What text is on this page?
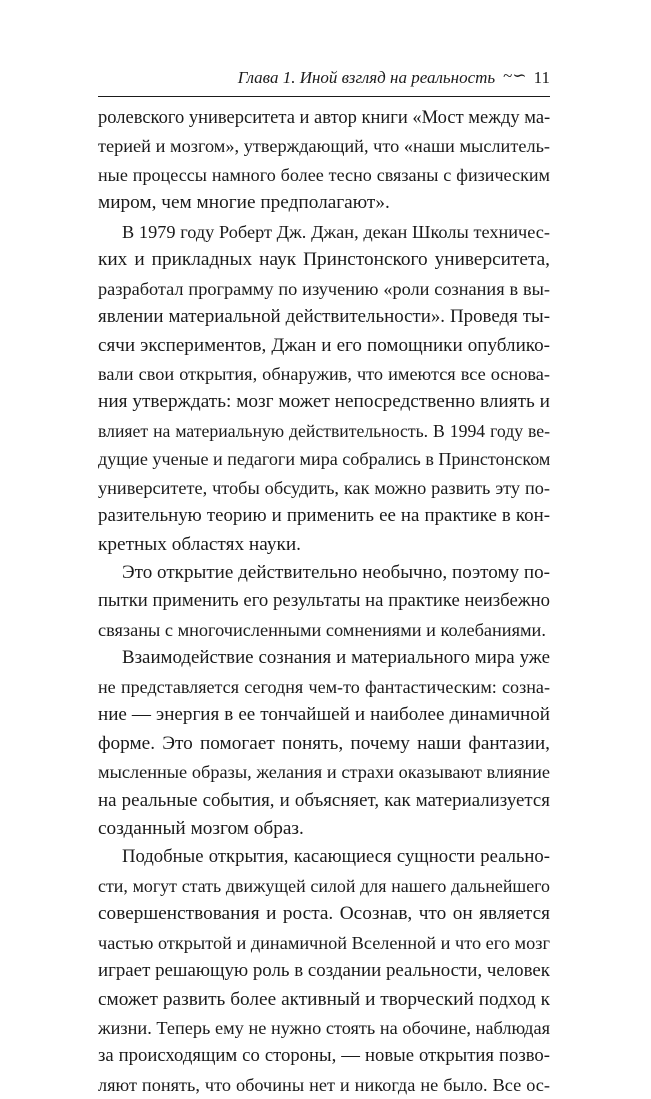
Глава 1. Иной взгляд на реальность ~∽ 11
ролевского университета и автор книги «Мост между ма-
терией и мозгом», утверждающий, что «наши мыслитель-
ные процессы намного более тесно связаны с физическим
миром, чем многие предполагают».
В 1979 году Роберт Дж. Джан, декан Школы техничес-
ких и прикладных наук Принстонского университета,
разработал программу по изучению «роли сознания в вы-
явлении материальной действительности». Проведя ты-
сячи экспериментов, Джан и его помощники опублико-
вали свои открытия, обнаружив, что имеются все основа-
ния утверждать: мозг может непосредственно влиять и
влияет на материальную действительность. В 1994 году ве-
дущие ученые и педагоги мира собрались в Принстонском
университете, чтобы обсудить, как можно развить эту по-
разительную теорию и применить ее на практике в кон-
кретных областях науки.
Это открытие действительно необычно, поэтому по-
пытки применить его результаты на практике неизбежно
связаны с многочисленными сомнениями и колебаниями.
Взаимодействие сознания и материального мира уже
не представляется сегодня чем-то фантастическим: созна-
ние — энергия в ее тончайшей и наиболее динамичной
форме. Это помогает понять, почему наши фантазии,
мысленные образы, желания и страхи оказывают влияние
на реальные события, и объясняет, как материализуется
созданный мозгом образ.
Подобные открытия, касающиеся сущности реально-
сти, могут стать движущей силой для нашего дальнейшего
совершенствования и роста. Осознав, что он является
частью открытой и динамичной Вселенной и что его мозг
играет решающую роль в создании реальности, человек
сможет развить более активный и творческий подход к
жизни. Теперь ему не нужно стоять на обочине, наблюдая
за происходящим со стороны, — новые открытия позво-
ляют понять, что обочины нет и никогда не было. Все ос-
